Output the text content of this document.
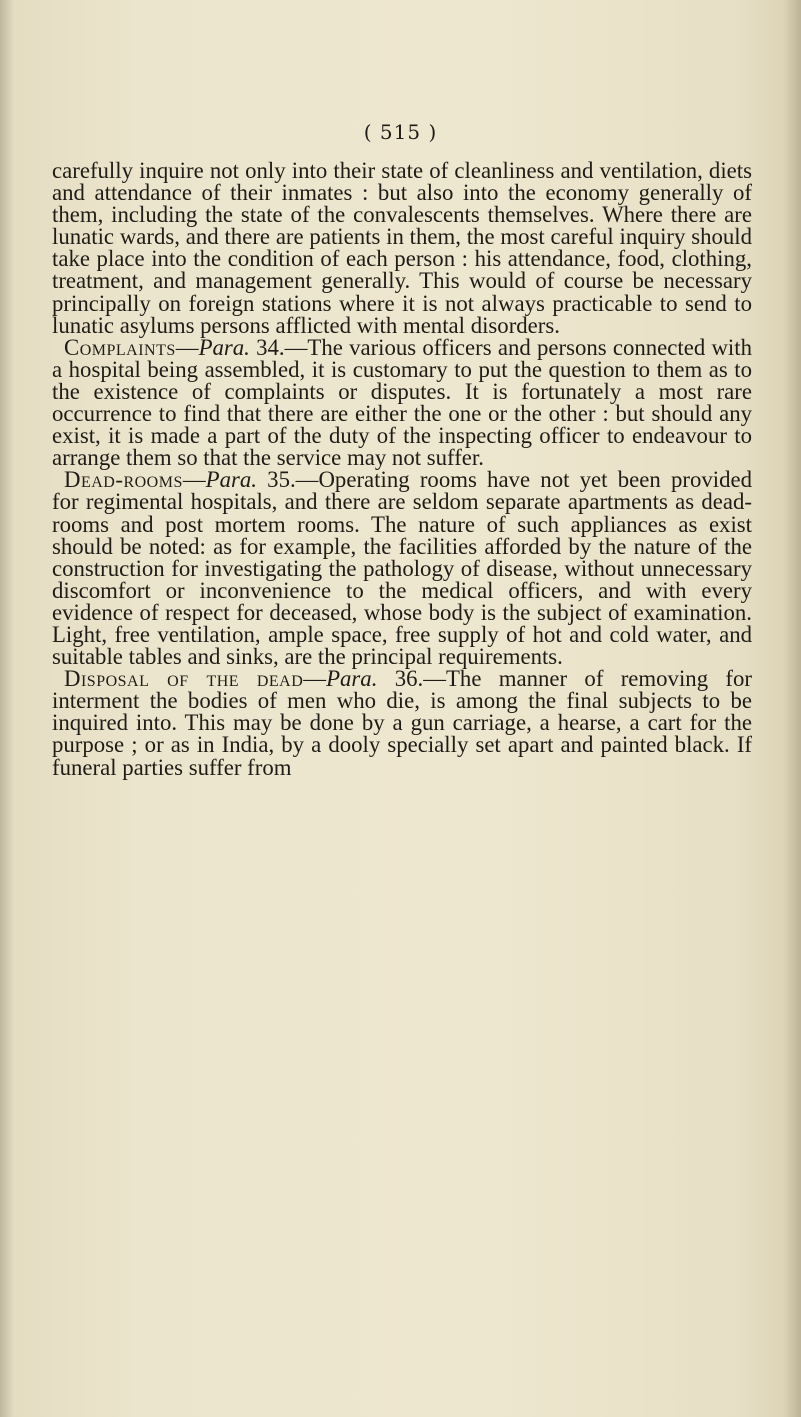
( 515 )

carefully inquire not only into their state of cleanliness and ventilation, diets and attendance of their inmates : but also into the economy generally of them, including the state of the convalescents themselves. Where there are lunatic wards, and there are patients in them, the most careful inquiry should take place into the condition of each person : his attendance, food, clothing, treatment, and management generally. This would of course be necessary principally on foreign stations where it is not always practicable to send to lunatic asylums persons afflicted with mental disorders.

Complaints—Para. 34.—The various officers and persons connected with a hospital being assembled, it is customary to put the question to them as to the existence of complaints or disputes. It is fortunately a most rare occurrence to find that there are either the one or the other : but should any exist, it is made a part of the duty of the inspecting officer to endeavour to arrange them so that the service may not suffer.

Dead-rooms—Para. 35.—Operating rooms have not yet been provided for regimental hospitals, and there are seldom separate apartments as dead-rooms and post mortem rooms. The nature of such appliances as exist should be noted: as for example, the facilities afforded by the nature of the construction for investigating the pathology of disease, without unnecessary discomfort or inconvenience to the medical officers, and with every evidence of respect for deceased, whose body is the subject of examination. Light, free ventilation, ample space, free supply of hot and cold water, and suitable tables and sinks, are the principal requirements.

Disposal of the dead—Para. 36.—The manner of removing for interment the bodies of men who die, is among the final subjects to be inquired into. This may be done by a gun carriage, a hearse, a cart for the purpose ; or as in India, by a dooly specially set apart and painted black. If funeral parties suffer from
